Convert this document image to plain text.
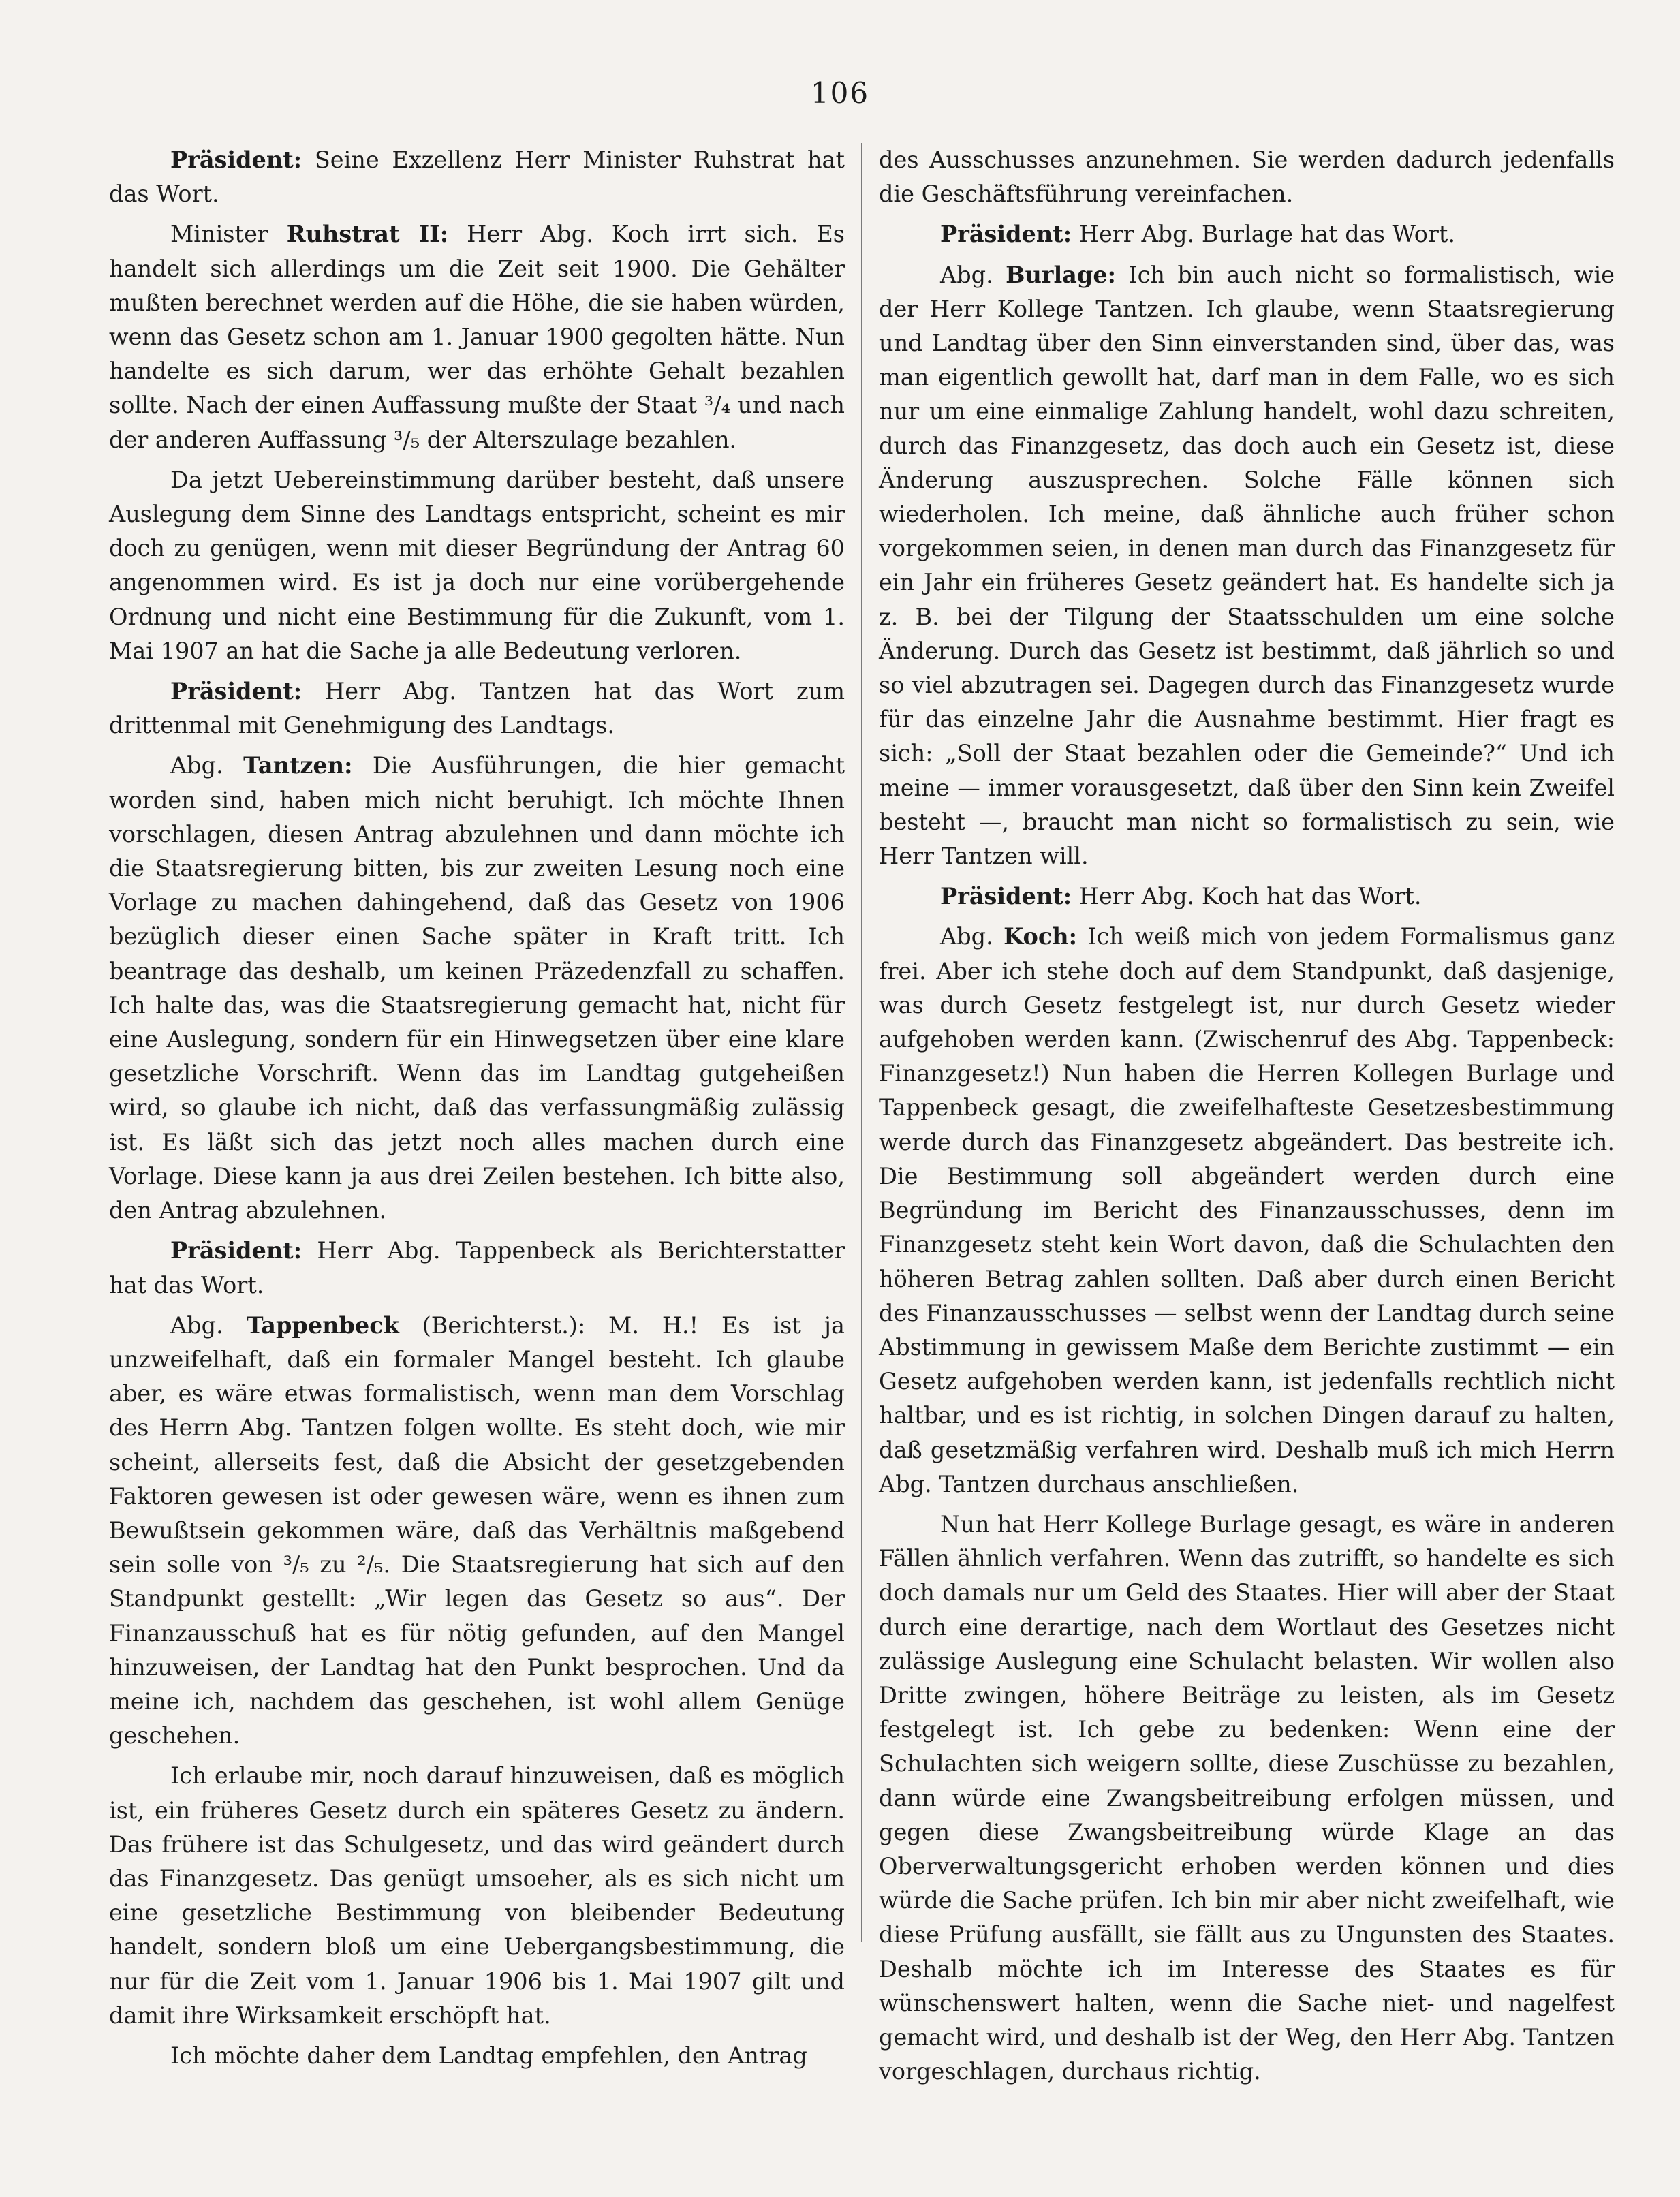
106

Präsident: Seine Exzellenz Herr Minister Ruhstrat hat das Wort.

Minister Ruhstrat II: Herr Abg. Koch irrt sich. Es handelt sich allerdings um die Zeit seit 1900. Die Gehälter mußten berechnet werden auf die Höhe, die sie haben würden, wenn das Gesetz schon am 1. Januar 1900 gegolten hätte. Nun handelte es sich darum, wer das erhöhte Gehalt bezahlen sollte. Nach der einen Auffassung mußte der Staat ³/₄ und nach der anderen Auffassung ³/₅ der Alterszulage bezahlen.

Da jetzt Uebereinstimmung darüber besteht, daß unsere Auslegung dem Sinne des Landtags entspricht, scheint es mir doch zu genügen, wenn mit dieser Begründung der Antrag 60 angenommen wird. Es ist ja doch nur eine vorübergehende Ordnung und nicht eine Bestimmung für die Zukunft, vom 1. Mai 1907 an hat die Sache ja alle Bedeutung verloren.

Präsident: Herr Abg. Tantzen hat das Wort zum drittenmal mit Genehmigung des Landtags.

Abg. Tantzen: Die Ausführungen, die hier gemacht worden sind, haben mich nicht beruhigt. Ich möchte Ihnen vorschlagen, diesen Antrag abzulehnen und dann möchte ich die Staatsregierung bitten, bis zur zweiten Lesung noch eine Vorlage zu machen dahingehend, daß das Gesetz von 1906 bezüglich dieser einen Sache später in Kraft tritt. Ich beantrage das deshalb, um keinen Präzedenzfall zu schaffen. Ich halte das, was die Staatsregierung gemacht hat, nicht für eine Auslegung, sondern für ein Hinwegsetzen über eine klare gesetzliche Vorschrift. Wenn das im Landtag gutgeheißen wird, so glaube ich nicht, daß das verfassungmäßig zulässig ist. Es läßt sich das jetzt noch alles machen durch eine Vorlage. Diese kann ja aus drei Zeilen bestehen. Ich bitte also, den Antrag abzulehnen.

Präsident: Herr Abg. Tappenbeck als Berichterstatter hat das Wort.

Abg. Tappenbeck (Berichterst.): M. H.! Es ist ja unzweifelhaft, daß ein formaler Mangel besteht. Ich glaube aber, es wäre etwas formalistisch, wenn man dem Vorschlag des Herrn Abg. Tantzen folgen wollte. Es steht doch, wie mir scheint, allerseits fest, daß die Absicht der gesetzgebenden Faktoren gewesen ist oder gewesen wäre, wenn es ihnen zum Bewußtsein gekommen wäre, daß das Verhältnis maßgebend sein solle von ³/₅ zu ²/₅. Die Staatsregierung hat sich auf den Standpunkt gestellt: „Wir legen das Gesetz so aus“. Der Finanzausschuß hat es für nötig gefunden, auf den Mangel hinzuweisen, der Landtag hat den Punkt besprochen. Und da meine ich, nachdem das geschehen, ist wohl allem Genüge geschehen.

Ich erlaube mir, noch darauf hinzuweisen, daß es möglich ist, ein früheres Gesetz durch ein späteres Gesetz zu ändern. Das frühere ist das Schulgesetz, und das wird geändert durch das Finanzgesetz. Das genügt umsoeher, als es sich nicht um eine gesetzliche Bestimmung von bleibender Bedeutung handelt, sondern bloß um eine Uebergangsbestimmung, die nur für die Zeit vom 1. Januar 1906 bis 1. Mai 1907 gilt und damit ihre Wirksamkeit erschöpft hat.

Ich möchte daher dem Landtag empfehlen, den Antrag

des Ausschusses anzunehmen. Sie werden dadurch jedenfalls die Geschäftsführung vereinfachen.

Präsident: Herr Abg. Burlage hat das Wort.

Abg. Burlage: Ich bin auch nicht so formalistisch, wie der Herr Kollege Tantzen. Ich glaube, wenn Staatsregierung und Landtag über den Sinn einverstanden sind, über das, was man eigentlich gewollt hat, darf man in dem Falle, wo es sich nur um eine einmalige Zahlung handelt, wohl dazu schreiten, durch das Finanzgesetz, das doch auch ein Gesetz ist, diese Änderung auszusprechen. Solche Fälle können sich wiederholen. Ich meine, daß ähnliche auch früher schon vorgekommen seien, in denen man durch das Finanzgesetz für ein Jahr ein früheres Gesetz geändert hat. Es handelte sich ja z. B. bei der Tilgung der Staatsschulden um eine solche Änderung. Durch das Gesetz ist bestimmt, daß jährlich so und so viel abzutragen sei. Dagegen durch das Finanzgesetz wurde für das einzelne Jahr die Ausnahme bestimmt. Hier fragt es sich: „Soll der Staat bezahlen oder die Gemeinde?“ Und ich meine — immer vorausgesetzt, daß über den Sinn kein Zweifel besteht —, braucht man nicht so formalistisch zu sein, wie Herr Tantzen will.

Präsident: Herr Abg. Koch hat das Wort.

Abg. Koch: Ich weiß mich von jedem Formalismus ganz frei. Aber ich stehe doch auf dem Standpunkt, daß dasjenige, was durch Gesetz festgelegt ist, nur durch Gesetz wieder aufgehoben werden kann. (Zwischenruf des Abg. Tappenbeck: Finanzgesetz!) Nun haben die Herren Kollegen Burlage und Tappenbeck gesagt, die zweifelhafteste Gesetzesbestimmung werde durch das Finanzgesetz abgeändert. Das bestreite ich. Die Bestimmung soll abgeändert werden durch eine Begründung im Bericht des Finanzausschusses, denn im Finanzgesetz steht kein Wort davon, daß die Schulachten den höheren Betrag zahlen sollten. Daß aber durch einen Bericht des Finanzausschusses — selbst wenn der Landtag durch seine Abstimmung in gewissem Maße dem Berichte zustimmt — ein Gesetz aufgehoben werden kann, ist jedenfalls rechtlich nicht haltbar, und es ist richtig, in solchen Dingen darauf zu halten, daß gesetzmäßig verfahren wird. Deshalb muß ich mich Herrn Abg. Tantzen durchaus anschließen.

Nun hat Herr Kollege Burlage gesagt, es wäre in anderen Fällen ähnlich verfahren. Wenn das zutrifft, so handelte es sich doch damals nur um Geld des Staates. Hier will aber der Staat durch eine derartige, nach dem Wortlaut des Gesetzes nicht zulässige Auslegung eine Schulacht belasten. Wir wollen also Dritte zwingen, höhere Beiträge zu leisten, als im Gesetz festgelegt ist. Ich gebe zu bedenken: Wenn eine der Schulachten sich weigern sollte, diese Zuschüsse zu bezahlen, dann würde eine Zwangsbeitreibung erfolgen müssen, und gegen diese Zwangsbeitreibung würde Klage an das Oberverwaltungsgericht erhoben werden können und dies würde die Sache prüfen. Ich bin mir aber nicht zweifelhaft, wie diese Prüfung ausfällt, sie fällt aus zu Ungunsten des Staates. Deshalb möchte ich im Interesse des Staates es für wünschenswert halten, wenn die Sache niet- und nagelfest gemacht wird, und deshalb ist der Weg, den Herr Abg. Tantzen vorgeschlagen, durchaus richtig.
